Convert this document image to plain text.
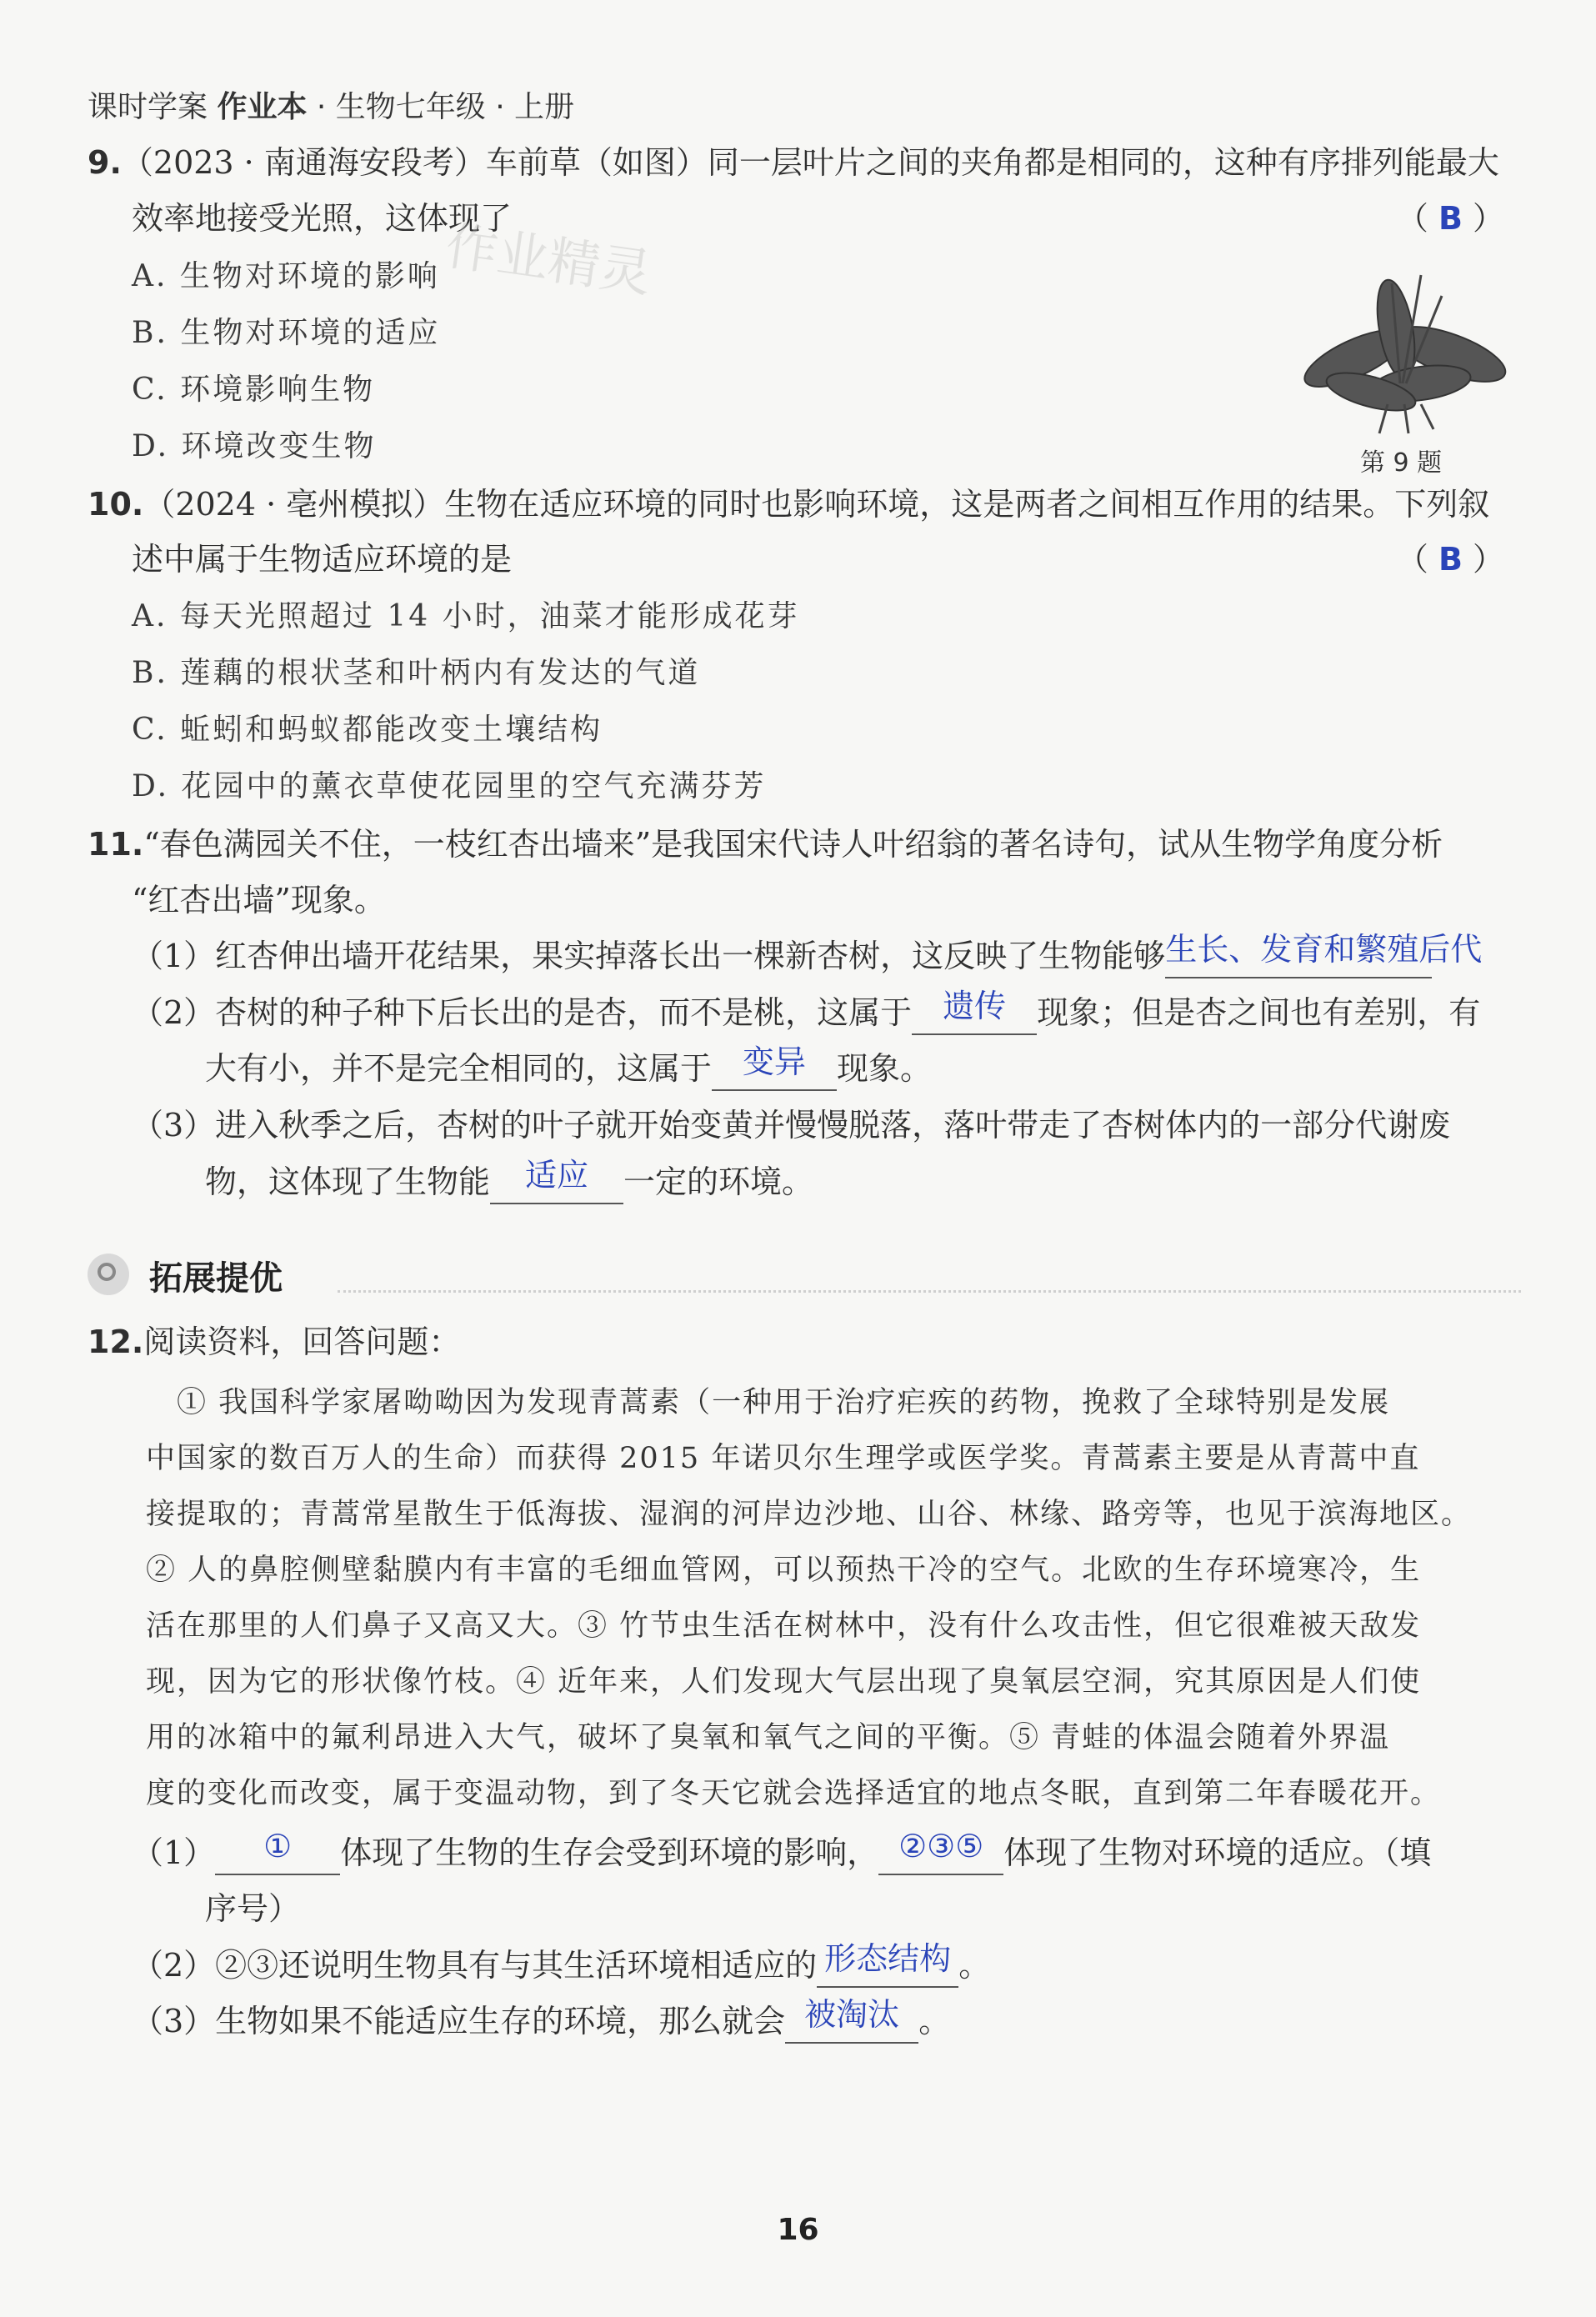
课时学案 作业本 · 生物七年级 · 上册
9.（2023 · 南通海安段考）车前草（如图）同一层叶片之间的夹角都是相同的，这种有序排列能最大
效率地接受光照，这体现了	（ B ）
作业精灵
A. 生物对环境的影响
B. 生物对环境的适应
C. 环境影响生物
D. 环境改变生物	第 9 题
10.（2024 · 亳州模拟）生物在适应环境的同时也影响环境，这是两者之间相互作用的结果。下列叙
述中属于生物适应环境的是	（ B ）
A. 每天光照超过 14 小时，油菜才能形成花芽
B. 莲藕的根状茎和叶柄内有发达的气道
C. 蚯蚓和蚂蚁都能改变土壤结构
D. 花园中的薰衣草使花园里的空气充满芬芳
11.“春色满园关不住，一枝红杏出墙来”是我国宋代诗人叶绍翁的著名诗句，试从生物学角度分析
“红杏出墙”现象。
（1）红杏伸出墙开花结果，果实掉落长出一棵新杏树，这反映了生物能够生长、发育和繁殖后代
（2）杏树的种子种下后长出的是杏，而不是桃，这属于 遗传 现象；但是杏之间也有差别，有
大有小，并不是完全相同的，这属于 变异 现象。
（3）进入秋季之后，杏树的叶子就开始变黄并慢慢脱落，落叶带走了杏树体内的一部分代谢废
物，这体现了生物能 适应 一定的环境。
拓展提优
12.阅读资料，回答问题：
　① 我国科学家屠呦呦因为发现青蒿素（一种用于治疗疟疾的药物，挽救了全球特别是发展
中国家的数百万人的生命）而获得 2015 年诺贝尔生理学或医学奖。青蒿素主要是从青蒿中直
接提取的；青蒿常星散生于低海拔、湿润的河岸边沙地、山谷、林缘、路旁等，也见于滨海地区。
② 人的鼻腔侧壁黏膜内有丰富的毛细血管网，可以预热干冷的空气。北欧的生存环境寒冷，生
活在那里的人们鼻子又高又大。③ 竹节虫生活在树林中，没有什么攻击性，但它很难被天敌发
现，因为它的形状像竹枝。④ 近年来，人们发现大气层出现了臭氧层空洞，究其原因是人们使
用的冰箱中的氟利昂进入大气，破坏了臭氧和氧气之间的平衡。⑤ 青蛙的体温会随着外界温
度的变化而改变，属于变温动物，到了冬天它就会选择适宜的地点冬眠，直到第二年春暖花开。
（1） ① 体现了生物的生存会受到环境的影响， ②③⑤ 体现了生物对环境的适应。（填
序号）
（2）②③还说明生物具有与其生活环境相适应的 形态结构 。
（3）生物如果不能适应生存的环境，那么就会 被淘汰 。
16
